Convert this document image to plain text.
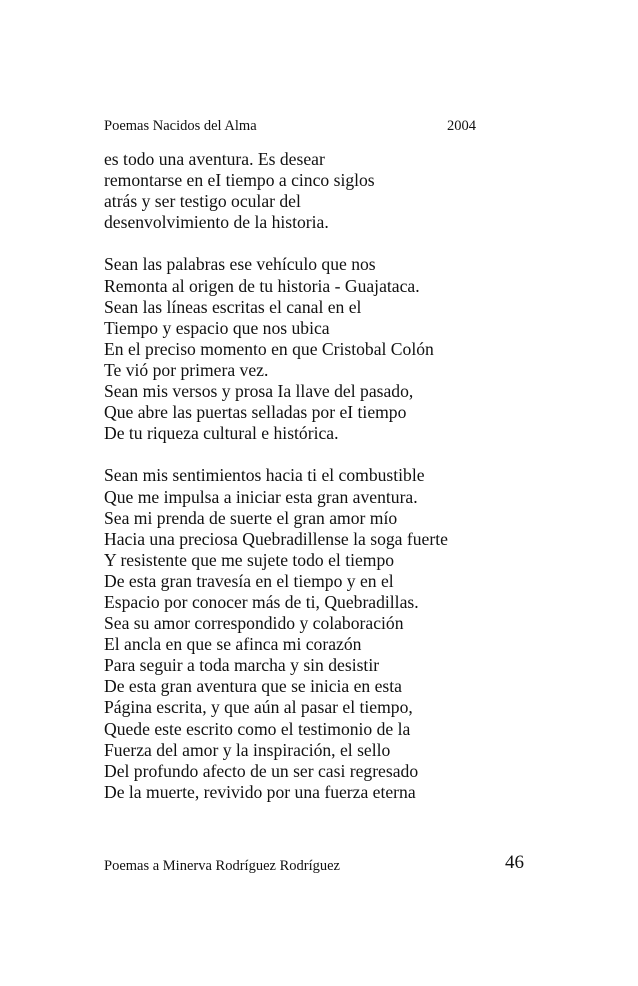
Poemas Nacidos del Alma	2004
es todo una aventura. Es desear
remontarse en eI tiempo a cinco siglos
atrás y ser testigo ocular del
desenvolvimiento de la historia.
Sean las palabras ese vehículo que nos
Remonta al origen de tu historia - Guajataca.
Sean las líneas escritas el canal en el
Tiempo y espacio que nos ubica
En el preciso momento en que Cristobal Colón
Te vió por primera vez.
Sean mis versos y prosa Ia llave del pasado,
Que abre las puertas selladas por eI tiempo
De tu riqueza cultural e histórica.
Sean mis sentimientos hacia ti el combustible
Que me impulsa a iniciar esta gran aventura.
Sea mi prenda de suerte el gran amor mío
Hacia una preciosa Quebradillense la soga fuerte
Y resistente que me sujete todo el tiempo
De esta gran travesía en el tiempo y en el
Espacio por conocer más de ti, Quebradillas.
Sea su amor correspondido y colaboración
El ancla en que se afinca mi corazón
Para seguir a toda marcha y sin desistir
De esta gran aventura que se inicia en esta
Página escrita, y que aún al pasar el tiempo,
Quede este escrito como el testimonio de la
Fuerza del amor y la inspiración, el sello
Del profundo afecto de un ser casi regresado
De la muerte, revivido por una fuerza eterna
Poemas a Minerva Rodríguez Rodríguez	46
